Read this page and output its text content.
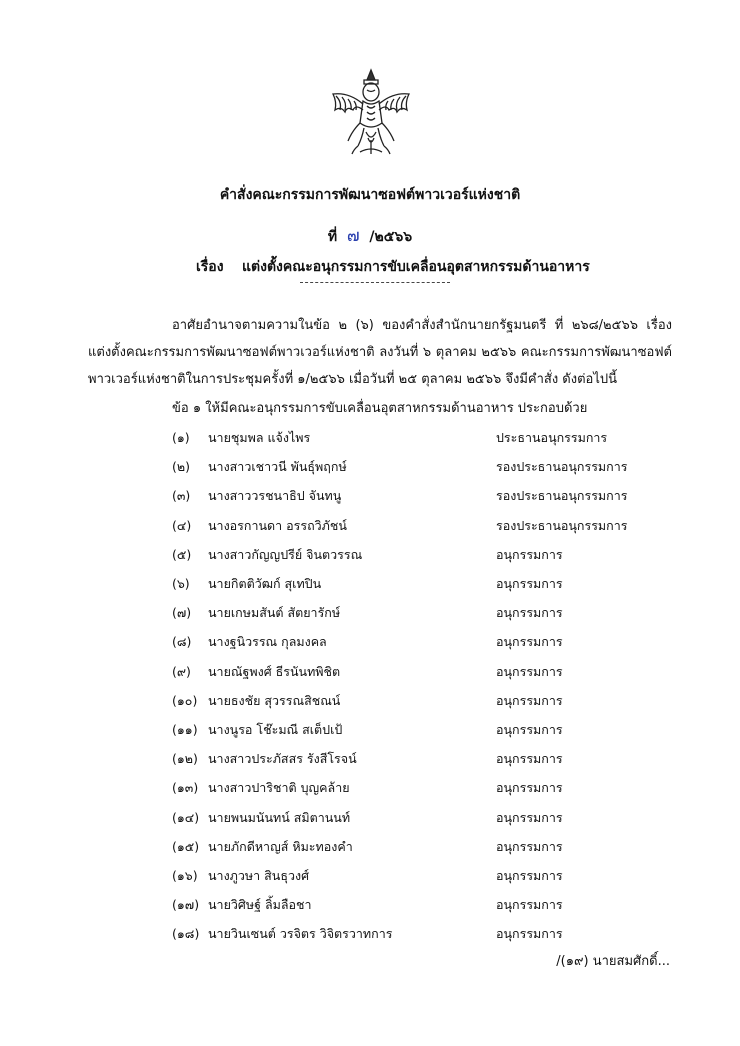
คำสั่งคณะกรรมการพัฒนาซอฟต์พาวเวอร์แห่งชาติ
ที่ ๗ /๒๕๖๖
เรื่อง แต่งตั้งคณะอนุกรรมการขับเคลื่อนอุตสาหกรรมด้านอาหาร
อาศัยอำนาจตามความในข้อ ๒ (๖) ของคำสั่งสำนักนายกรัฐมนตรี ที่ ๒๖๘/๒๕๖๖ เรื่อง แต่งตั้งคณะกรรมการพัฒนาซอฟต์พาวเวอร์แห่งชาติ ลงวันที่ ๖ ตุลาคม ๒๕๖๖ คณะกรรมการพัฒนาซอฟต์พาวเวอร์แห่งชาติในการประชุมครั้งที่ ๑/๒๕๖๖ เมื่อวันที่ ๒๕ ตุลาคม ๒๕๖๖ จึงมีคำสั่ง ดังต่อไปนี้
ข้อ ๑ ให้มีคณะอนุกรรมการขับเคลื่อนอุตสาหกรรมด้านอาหาร ประกอบด้วย
(๑) นายชุมพล แจ้งไพร	ประธานอนุกรรมการ
(๒) นางสาวเชาวนี พันธุ์พฤกษ์	รองประธานอนุกรรมการ
(๓) นางสาววรชนาธิป จันทนู	รองประธานอนุกรรมการ
(๔) นางอรกานดา อรรถวิภัชน์	รองประธานอนุกรรมการ
(๕) นางสาวกัญญปรีย์ จินตวรรณ	อนุกรรมการ
(๖) นายกิตติวัฒก์ สุเทปิน	อนุกรรมการ
(๗) นายเกษมสันต์ สัตยารักษ์	อนุกรรมการ
(๘) นางฐนิวรรณ กุลมงคล	อนุกรรมการ
(๙) นายณัฐพงศ์ ธีรนันทพิชิต	อนุกรรมการ
(๑๐) นายธงชัย สุวรรณสิชณน์	อนุกรรมการ
(๑๑) นางนูรอ โช๊ะมณี สเต็ปเป้	อนุกรรมการ
(๑๒) นางสาวประภัสสร รังสีโรจน์	อนุกรรมการ
(๑๓) นางสาวปาริชาติ บุญคล้าย	อนุกรรมการ
(๑๔) นายพนมนันทน์ สมิตานนท์	อนุกรรมการ
(๑๕) นายภักดีหาญส์ หิมะทองคำ	อนุกรรมการ
(๑๖) นางภูวษา สินธุวงศ์	อนุกรรมการ
(๑๗) นายวิศิษฐ์ ลิ้มลือชา	อนุกรรมการ
(๑๘) นายวินเซนต์ วรจิตร วิจิตรวาทการ	อนุกรรมการ
/(๑๙) นายสมศักดิ์...
